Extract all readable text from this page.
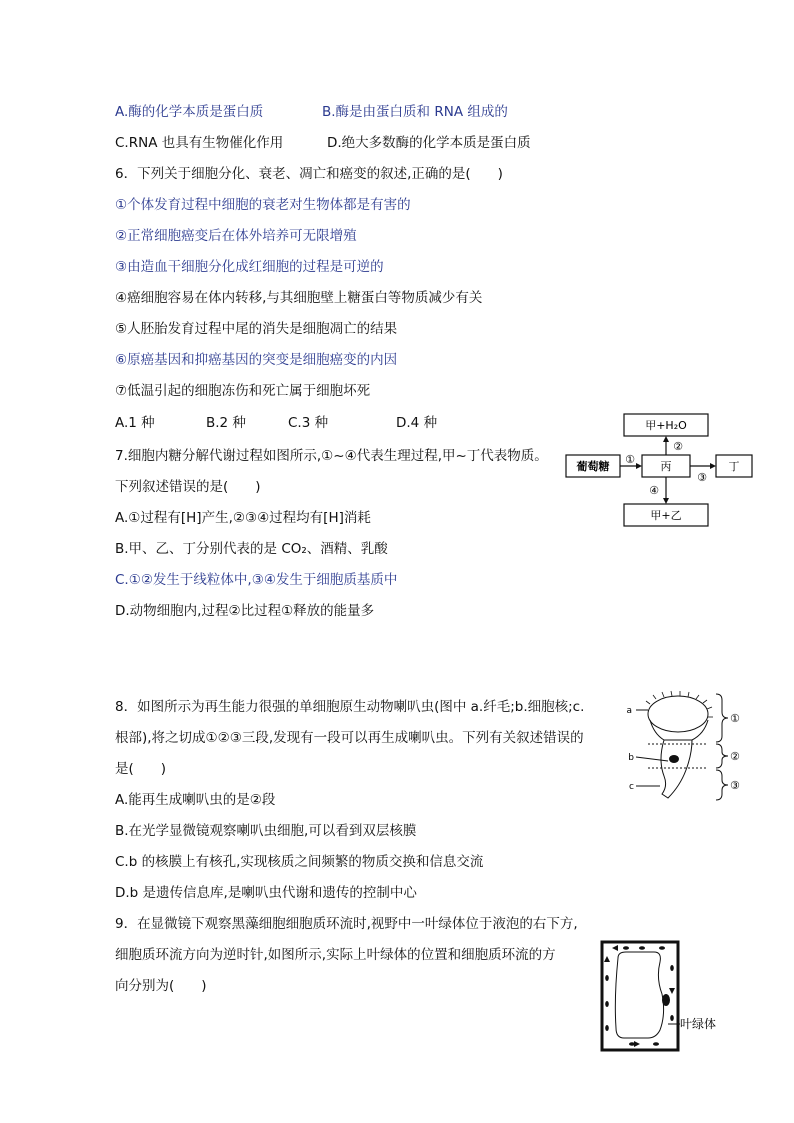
A.酶的化学本质是蛋白质	B.酶是由蛋白质和 RNA 组成的
C.RNA 也具有生物催化作用	D.绝大多数酶的化学本质是蛋白质
6．下列关于细胞分化、衰老、凋亡和癌变的叙述,正确的是(　　)
①个体发育过程中细胞的衰老对生物体都是有害的
②正常细胞癌变后在体外培养可无限增殖
③由造血干细胞分化成红细胞的过程是可逆的
④癌细胞容易在体内转移,与其细胞壁上糖蛋白等物质减少有关
⑤人胚胎发育过程中尾的消失是细胞凋亡的结果
⑥原癌基因和抑癌基因的突变是细胞癌变的内因
⑦低温引起的细胞冻伤和死亡属于细胞坏死
A.1 种	B.2 种	C.3 种	D.4 种
7.细胞内糖分解代谢过程如图所示,①~④代表生理过程,甲~丁代表物质。
下列叙述错误的是(　　)
A.①过程有[H]产生,②③④过程均有[H]消耗
B.甲、乙、丁分别代表的是 CO₂、酒精、乳酸
C.①②发生于线粒体中,③④发生于细胞质基质中
D.动物细胞内,过程②比过程①释放的能量多
甲+H₂O
葡萄糖	丙	丁
甲+乙
①
②
③
④
8．如图所示为再生能力很强的单细胞原生动物喇叭虫(图中 a.纤毛;b.细胞核;c.
根部),将之切成①②③三段,发现有一段可以再生成喇叭虫。下列有关叙述错误的
是(　　)
A.能再生成喇叭虫的是②段
B.在光学显微镜观察喇叭虫细胞,可以看到双层核膜
C.b 的核膜上有核孔,实现核质之间频繁的物质交换和信息交流
D.b 是遗传信息库,是喇叭虫代谢和遗传的控制中心
a
b
c
①
②
③
9．在显微镜下观察黑藻细胞细胞质环流时,视野中一叶绿体位于液泡的右下方,
细胞质环流方向为逆时针,如图所示,实际上叶绿体的位置和细胞质环流的方
向分别为(　　)
叶绿体
